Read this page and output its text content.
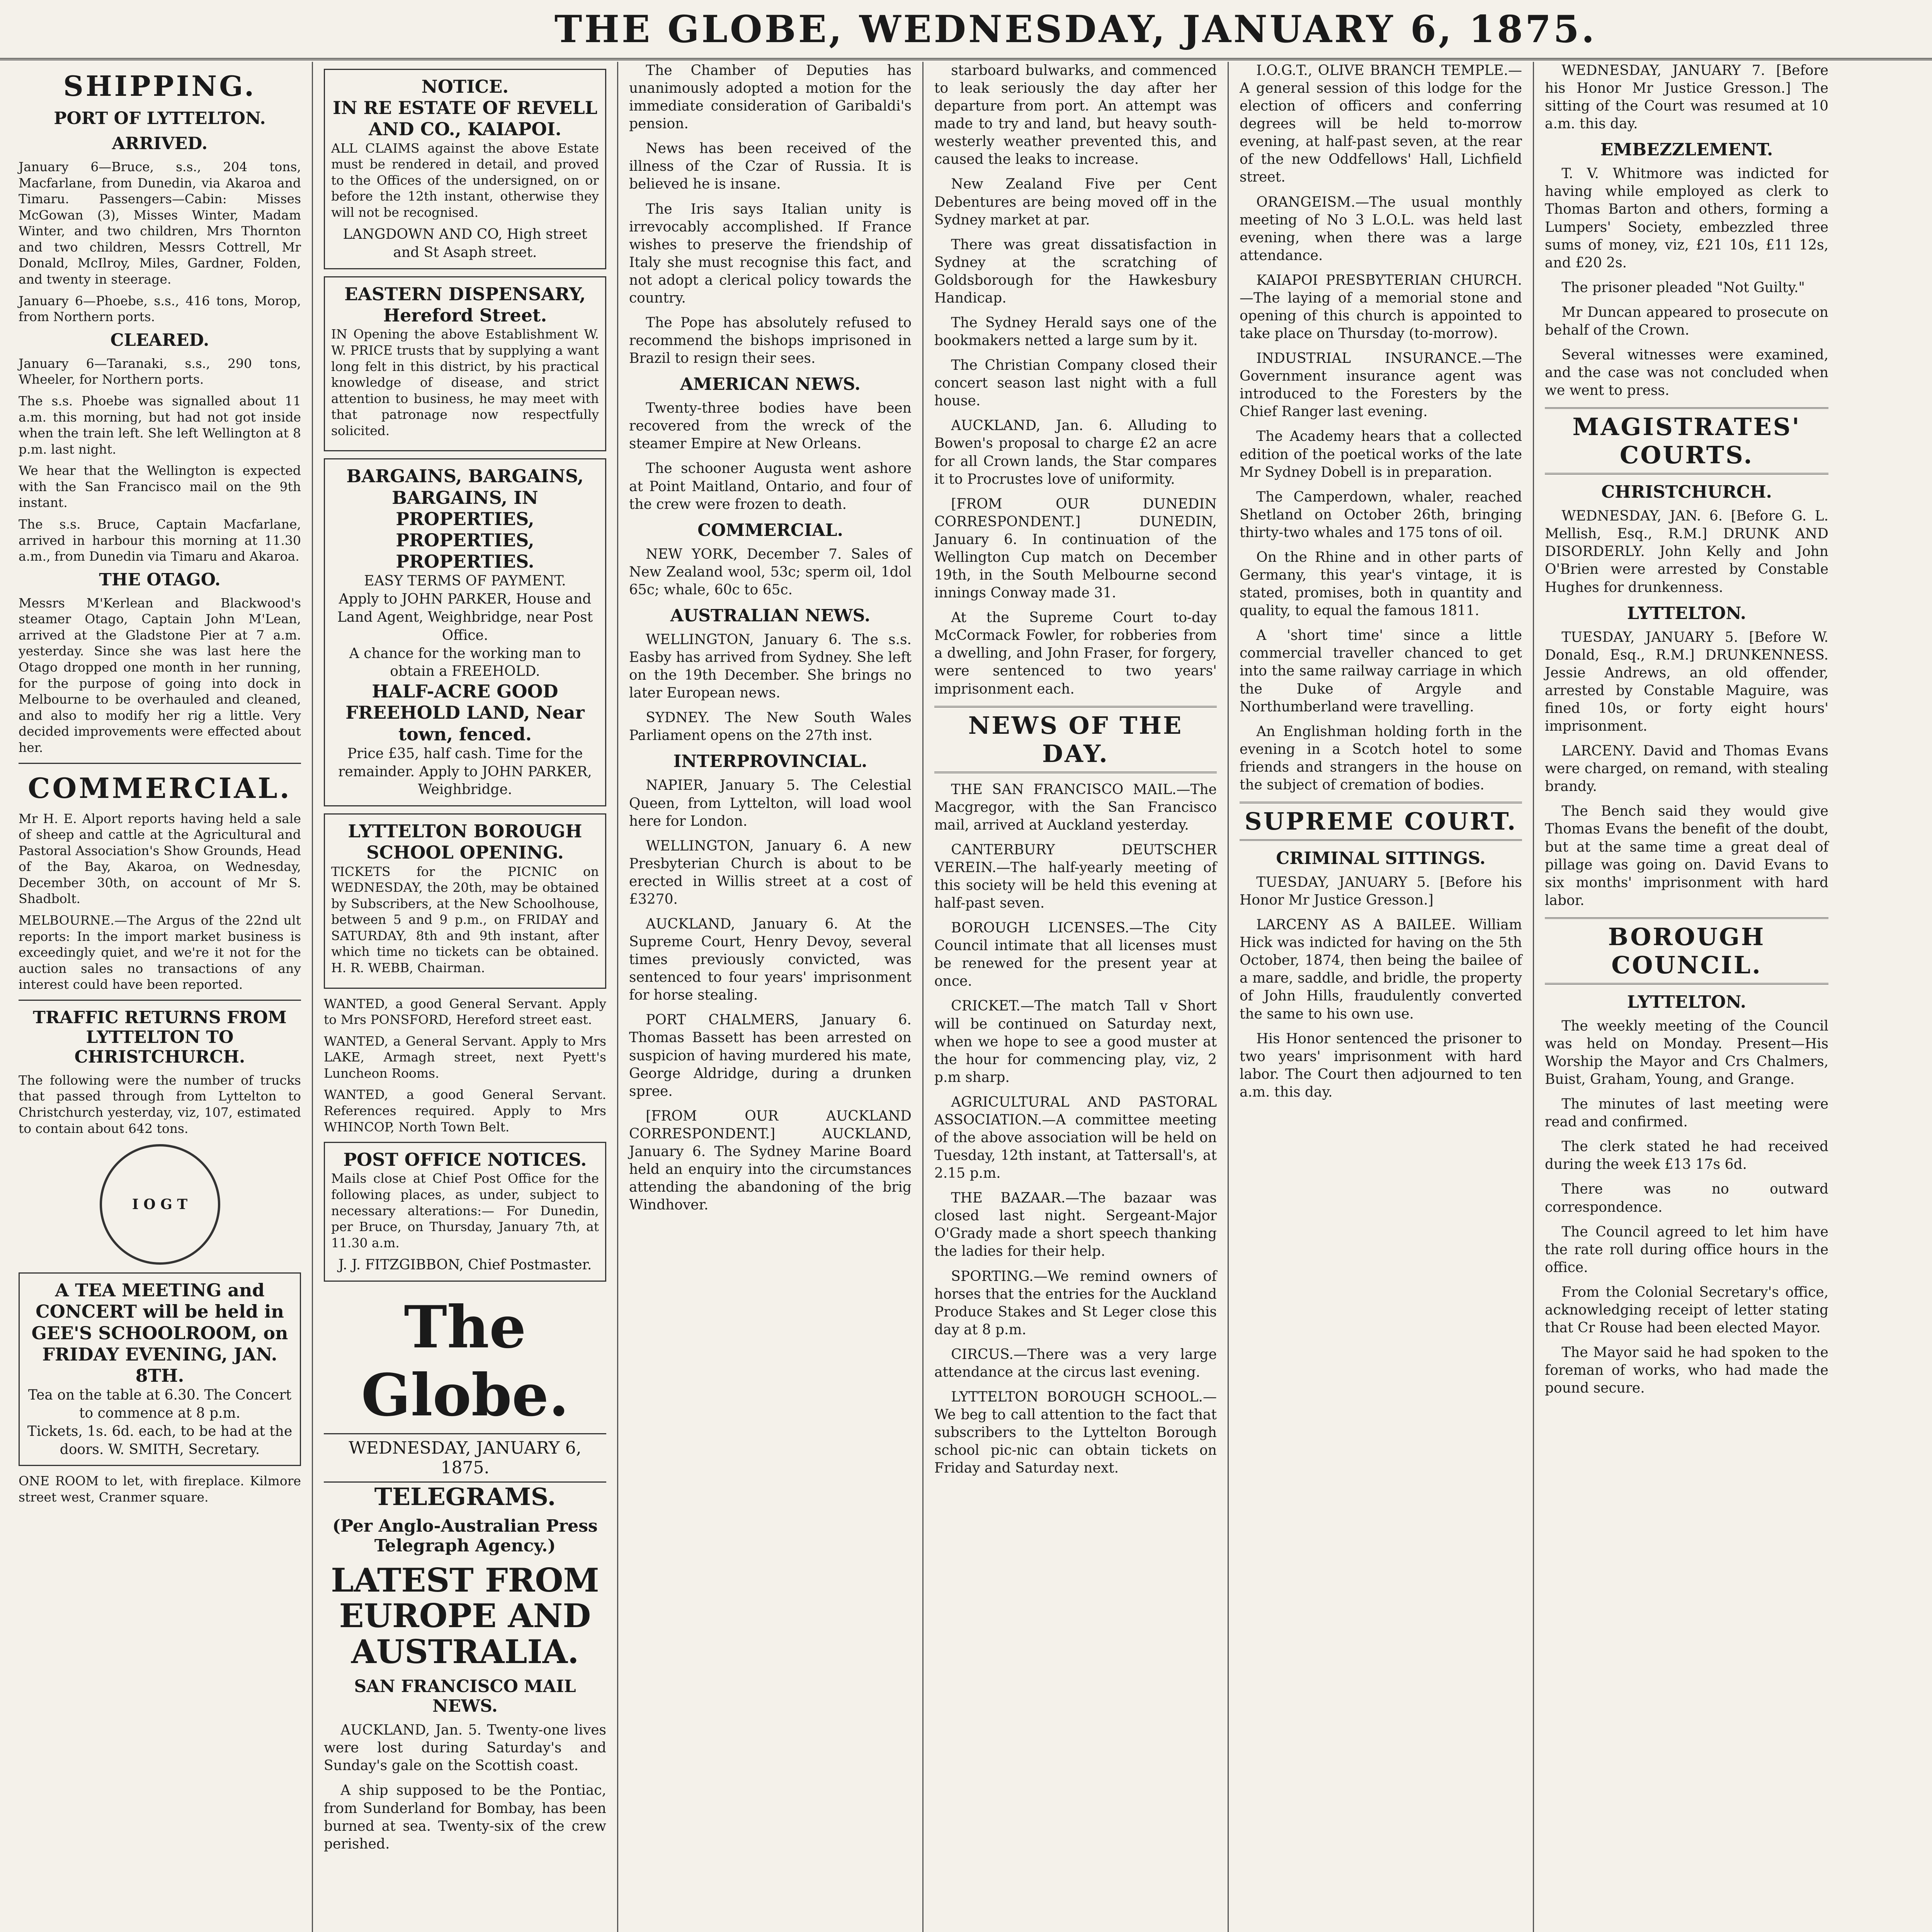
THE GLOBE, WEDNESDAY, JANUARY 6, 1875.
SHIPPING.
PORT OF LYTTELTON.
ARRIVED.

January 6—Bruce, s.s., 204 tons, Macfarlane, from Dunedin, via Akaroa and Timaru. Passengers—Cabin: Misses McGowan (3), Misses Winter, Madam Winter, and two children, Mrs Thornton and two children, Messrs Cottrell, Mr Donald, McIlroy, Miles, Gardner, Folden, and twenty in steerage.

January 6—Phoebe, s.s., 416 tons, Morop, from Northern ports.

CLEARED.

January 6—Taranaki, s.s., 290 tons, Wheeler, for Northern ports.

The s.s. Phoebe was signalled about 11 a.m. this morning, but had not got inside when the train left. She left Wellington at 8 p.m. last night.

We hear that the Wellington is expected with the San Francisco mail on the 9th instant.

The s.s. Bruce, Captain Macfarlane, arrived in harbour this morning at 11.30 a.m., from Dunedin via Timaru and Akaroa.

THE OTAGO.

Messrs M'Kerlean and Blackwood's steamer Otago, Captain John M'Lean, arrived at the Gladstone Pier at 7 a.m. yesterday. Since she was last here the Otago dropped one month in her running, for the purpose of going into dock in Melbourne to be overhauled and cleaned, and also to modify her rig a little. Very decided improvements were effected about her.

COMMERCIAL.

Mr H. E. Alport reports having held a sale of sheep and cattle at the Agricultural and Pastoral Association's Show Grounds, Head of the Bay, Akaroa, on Wednesday, December 30th, on account of Mr S. Shadbolt.

MELBOURNE.—The Argus of the 22nd ult reports: In the import market business is exceedingly quiet, and we're it not for the auction sales no transactions of any interest could have been reported.

TRAFFIC RETURNS FROM LYTTELTON TO CHRISTCHURCH.

The following were the number of trucks that passed through from Lyttelton to Christchurch yesterday, viz, 107, estimated to contain about 642 tons.

I O G T
A TEA MEETING and CONCERT will be held in GEE'S SCHOOLROOM, on FRIDAY EVENING, JAN. 8TH.
Tea on the table at 6.30. The Concert to commence at 8 p.m.
Tickets, 1s. 6d. each, to be had at the doors. W. SMITH, Secretary.

ONE ROOM to let, with fireplace. Kilmore street west, Cranmer square.

NOTICE.
IN RE ESTATE OF REVELL AND CO., KAIAPOI.

ALL CLAIMS against the above Estate must be rendered in detail, and proved to the Offices of the undersigned, on or before the 12th instant, otherwise they will not be recognised.

LANGDOWN AND CO, High street and St Asaph street.
EASTERN DISPENSARY, Hereford Street.

IN Opening the above Establishment W. W. PRICE trusts that by supplying a want long felt in this district, by his practical knowledge of disease, and strict attention to business, he may meet with that patronage now respectfully solicited.

BARGAINS, BARGAINS, BARGAINS, IN PROPERTIES, PROPERTIES, PROPERTIES.
EASY TERMS OF PAYMENT.
Apply to JOHN PARKER, House and Land Agent, Weighbridge, near Post Office.
A chance for the working man to obtain a FREEHOLD.
HALF-ACRE GOOD FREEHOLD LAND, Near town, fenced.
Price £35, half cash. Time for the remainder. Apply to JOHN PARKER, Weighbridge.
LYTTELTON BOROUGH SCHOOL OPENING.

TICKETS for the PICNIC on WEDNESDAY, the 20th, may be obtained by Subscribers, at the New Schoolhouse, between 5 and 9 p.m., on FRIDAY and SATURDAY, 8th and 9th instant, after which time no tickets can be obtained. H. R. WEBB, Chairman.

WANTED, a good General Servant. Apply to Mrs PONSFORD, Hereford street east.

WANTED, a General Servant. Apply to Mrs LAKE, Armagh street, next Pyett's Luncheon Rooms.

WANTED, a good General Servant. References required. Apply to Mrs WHINCOP, North Town Belt.

POST OFFICE NOTICES.

Mails close at Chief Post Office for the following places, as under, subject to necessary alterations:— For Dunedin, per Bruce, on Thursday, January 7th, at 11.30 a.m.

J. J. FITZGIBBON, Chief Postmaster.
The Globe.
WEDNESDAY, JANUARY 6, 1875.
TELEGRAMS.
(Per Anglo-Australian Press Telegraph Agency.)
LATEST FROM EUROPE AND AUSTRALIA.
SAN FRANCISCO MAIL NEWS.

AUCKLAND, Jan. 5. Twenty-one lives were lost during Saturday's and Sunday's gale on the Scottish coast.

A ship supposed to be the Pontiac, from Sunderland for Bombay, has been burned at sea. Twenty-six of the crew perished.

The Chamber of Deputies has unanimously adopted a motion for the immediate consideration of Garibaldi's pension.

News has been received of the illness of the Czar of Russia. It is believed he is insane.

The Iris says Italian unity is irrevocably accomplished. If France wishes to preserve the friendship of Italy she must recognise this fact, and not adopt a clerical policy towards the country.

The Pope has absolutely refused to recommend the bishops imprisoned in Brazil to resign their sees.

AMERICAN NEWS.

Twenty-three bodies have been recovered from the wreck of the steamer Empire at New Orleans.

The schooner Augusta went ashore at Point Maitland, Ontario, and four of the crew were frozen to death.

COMMERCIAL.

NEW YORK, December 7. Sales of New Zealand wool, 53c; sperm oil, 1dol 65c; whale, 60c to 65c.

AUSTRALIAN NEWS.

WELLINGTON, January 6. The s.s. Easby has arrived from Sydney. She left on the 19th December. She brings no later European news.

SYDNEY. The New South Wales Parliament opens on the 27th inst.

INTERPROVINCIAL.

NAPIER, January 5. The Celestial Queen, from Lyttelton, will load wool here for London.

WELLINGTON, January 6. A new Presbyterian Church is about to be erected in Willis street at a cost of £3270.

AUCKLAND, January 6. At the Supreme Court, Henry Devoy, several times previously convicted, was sentenced to four years' imprisonment for horse stealing.

PORT CHALMERS, January 6. Thomas Bassett has been arrested on suspicion of having murdered his mate, George Aldridge, during a drunken spree.

[FROM OUR AUCKLAND CORRESPONDENT.] AUCKLAND, January 6. The Sydney Marine Board held an enquiry into the circumstances attending the abandoning of the brig Windhover.

starboard bulwarks, and commenced to leak seriously the day after her departure from port. An attempt was made to try and land, but heavy south-westerly weather prevented this, and caused the leaks to increase.

New Zealand Five per Cent Debentures are being moved off in the Sydney market at par.

There was great dissatisfaction in Sydney at the scratching of Goldsborough for the Hawkesbury Handicap.

The Sydney Herald says one of the bookmakers netted a large sum by it.

The Christian Company closed their concert season last night with a full house.

AUCKLAND, Jan. 6. Alluding to Bowen's proposal to charge £2 an acre for all Crown lands, the Star compares it to Procrustes love of uniformity.

[FROM OUR DUNEDIN CORRESPONDENT.] DUNEDIN, January 6. In continuation of the Wellington Cup match on December 19th, in the South Melbourne second innings Conway made 31.

At the Supreme Court to-day McCormack Fowler, for robberies from a dwelling, and John Fraser, for forgery, were sentenced to two years' imprisonment each.

NEWS OF THE DAY.

THE SAN FRANCISCO MAIL.—The Macgregor, with the San Francisco mail, arrived at Auckland yesterday.

CANTERBURY DEUTSCHER VEREIN.—The half-yearly meeting of this society will be held this evening at half-past seven.

BOROUGH LICENSES.—The City Council intimate that all licenses must be renewed for the present year at once.

CRICKET.—The match Tall v Short will be continued on Saturday next, when we hope to see a good muster at the hour for commencing play, viz, 2 p.m sharp.

AGRICULTURAL AND PASTORAL ASSOCIATION.—A committee meeting of the above association will be held on Tuesday, 12th instant, at Tattersall's, at 2.15 p.m.

THE BAZAAR.—The bazaar was closed last night. Sergeant-Major O'Grady made a short speech thanking the ladies for their help.

SPORTING.—We remind owners of horses that the entries for the Auckland Produce Stakes and St Leger close this day at 8 p.m.

CIRCUS.—There was a very large attendance at the circus last evening.

LYTTELTON BOROUGH SCHOOL.—We beg to call attention to the fact that subscribers to the Lyttelton Borough school pic-nic can obtain tickets on Friday and Saturday next.

I.O.G.T., OLIVE BRANCH TEMPLE.—A general session of this lodge for the election of officers and conferring degrees will be held to-morrow evening, at half-past seven, at the rear of the new Oddfellows' Hall, Lichfield street.

ORANGEISM.—The usual monthly meeting of No 3 L.O.L. was held last evening, when there was a large attendance.

KAIAPOI PRESBYTERIAN CHURCH.—The laying of a memorial stone and opening of this church is appointed to take place on Thursday (to-morrow).

INDUSTRIAL INSURANCE.—The Government insurance agent was introduced to the Foresters by the Chief Ranger last evening.

The Academy hears that a collected edition of the poetical works of the late Mr Sydney Dobell is in preparation.

The Camperdown, whaler, reached Shetland on October 26th, bringing thirty-two whales and 175 tons of oil.

On the Rhine and in other parts of Germany, this year's vintage, it is stated, promises, both in quantity and quality, to equal the famous 1811.

A 'short time' since a little commercial traveller chanced to get into the same railway carriage in which the Duke of Argyle and Northumberland were travelling.

An Englishman holding forth in the evening in a Scotch hotel to some friends and strangers in the house on the subject of cremation of bodies.

SUPREME COURT.
CRIMINAL SITTINGS.

TUESDAY, JANUARY 5. [Before his Honor Mr Justice Gresson.]

LARCENY AS A BAILEE. William Hick was indicted for having on the 5th October, 1874, then being the bailee of a mare, saddle, and bridle, the property of John Hills, fraudulently converted the same to his own use.

His Honor sentenced the prisoner to two years' imprisonment with hard labor. The Court then adjourned to ten a.m. this day.

WEDNESDAY, JANUARY 7. [Before his Honor Mr Justice Gresson.] The sitting of the Court was resumed at 10 a.m. this day.

EMBEZZLEMENT.

T. V. Whitmore was indicted for having while employed as clerk to Thomas Barton and others, forming a Lumpers' Society, embezzled three sums of money, viz, £21 10s, £11 12s, and £20 2s.

The prisoner pleaded "Not Guilty."

Mr Duncan appeared to prosecute on behalf of the Crown.

Several witnesses were examined, and the case was not concluded when we went to press.

MAGISTRATES' COURTS.
CHRISTCHURCH.

WEDNESDAY, JAN. 6. [Before G. L. Mellish, Esq., R.M.] DRUNK AND DISORDERLY. John Kelly and John O'Brien were arrested by Constable Hughes for drunkenness.

LYTTELTON.

TUESDAY, JANUARY 5. [Before W. Donald, Esq., R.M.] DRUNKENNESS. Jessie Andrews, an old offender, arrested by Constable Maguire, was fined 10s, or forty eight hours' imprisonment.

LARCENY. David and Thomas Evans were charged, on remand, with stealing brandy.

The Bench said they would give Thomas Evans the benefit of the doubt, but at the same time a great deal of pillage was going on. David Evans to six months' imprisonment with hard labor.

BOROUGH COUNCIL.
LYTTELTON.

The weekly meeting of the Council was held on Monday. Present—His Worship the Mayor and Crs Chalmers, Buist, Graham, Young, and Grange.

The minutes of last meeting were read and confirmed.

The clerk stated he had received during the week £13 17s 6d.

There was no outward correspondence.

The Council agreed to let him have the rate roll during office hours in the office.

From the Colonial Secretary's office, acknowledging receipt of letter stating that Cr Rouse had been elected Mayor.

The Mayor said he had spoken to the foreman of works, who had made the pound secure.
